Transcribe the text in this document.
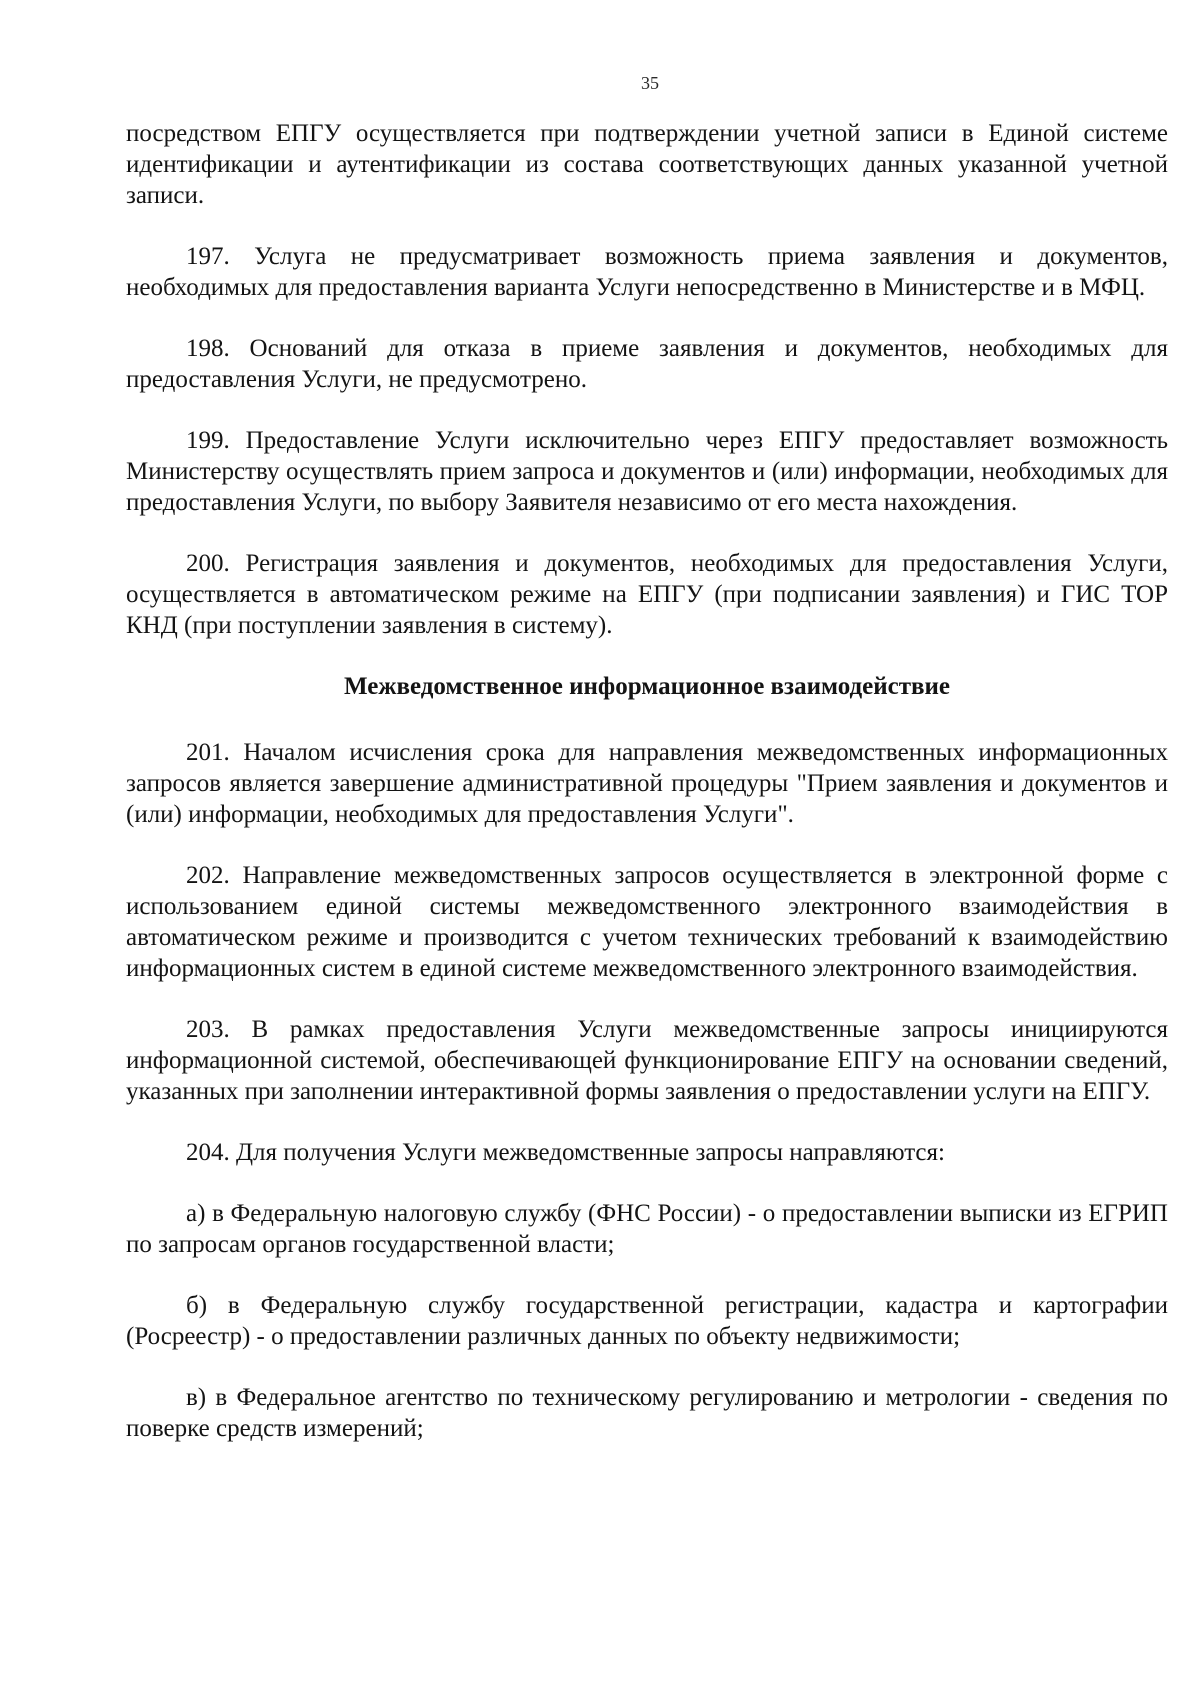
35

посредством ЕПГУ осуществляется при подтверждении учетной записи в Единой системе идентификации и аутентификации из состава соответствующих данных указанной учетной записи.

197. Услуга не предусматривает возможность приема заявления и документов, необходимых для предоставления варианта Услуги непосредственно в Министерстве и в МФЦ.

198. Оснований для отказа в приеме заявления и документов, необходимых для предоставления Услуги, не предусмотрено.

199. Предоставление Услуги исключительно через ЕПГУ предоставляет возможность Министерству осуществлять прием запроса и документов и (или) информации, необходимых для предоставления Услуги, по выбору Заявителя независимо от его места нахождения.

200. Регистрация заявления и документов, необходимых для предоставления Услуги, осуществляется в автоматическом режиме на ЕПГУ (при подписании заявления) и ГИС ТОР КНД (при поступлении заявления в систему).

Межведомственное информационное взаимодействие

201. Началом исчисления срока для направления межведомственных информационных запросов является завершение административной процедуры "Прием заявления и документов и (или) информации, необходимых для предоставления Услуги".

202. Направление межведомственных запросов осуществляется в электронной форме с использованием единой системы межведомственного электронного взаимодействия в автоматическом режиме и производится с учетом технических требований к взаимодействию информационных систем в единой системе межведомственного электронного взаимодействия.

203. В рамках предоставления Услуги межведомственные запросы инициируются информационной системой, обеспечивающей функционирование ЕПГУ на основании сведений, указанных при заполнении интерактивной формы заявления о предоставлении услуги на ЕПГУ.

204. Для получения Услуги межведомственные запросы направляются:

а) в Федеральную налоговую службу (ФНС России) - о предоставлении выписки из ЕГРИП по запросам органов государственной власти;

б) в Федеральную службу государственной регистрации, кадастра и картографии (Росреестр) - о предоставлении различных данных по объекту недвижимости;

в) в Федеральное агентство по техническому регулированию и метрологии - сведения по поверке средств измерений;
